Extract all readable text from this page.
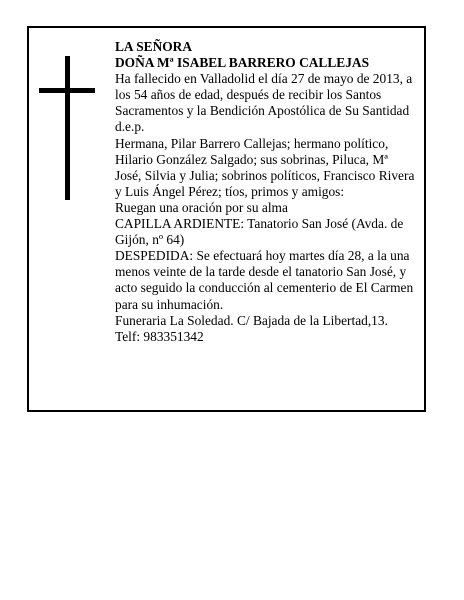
LA SEÑORA
DOÑA Mª ISABEL BARRERO CALLEJAS
Ha fallecido en Valladolid el día 27 de mayo de 2013, a
los 54 años de edad, después de recibir los Santos
Sacramentos y la Bendición Apostólica de Su Santidad
d.e.p.
Hermana, Pilar Barrero Callejas; hermano político,
Hilario González Salgado; sus sobrinas, Piluca, Mª
José, Silvia y Julia; sobrinos políticos, Francisco Rivera
y Luis Ángel Pérez; tíos, primos y amigos:
Ruegan una oración por su alma
CAPILLA ARDIENTE: Tanatorio San José (Avda. de
Gijón, nº 64)
DESPEDIDA: Se efectuará hoy martes día 28, a la una
menos veinte de la tarde desde el tanatorio San José, y
acto seguido la conducción al cementerio de El Carmen
para su inhumación.
Funeraria La Soledad. C/ Bajada de la Libertad,13.
Telf: 983351342
